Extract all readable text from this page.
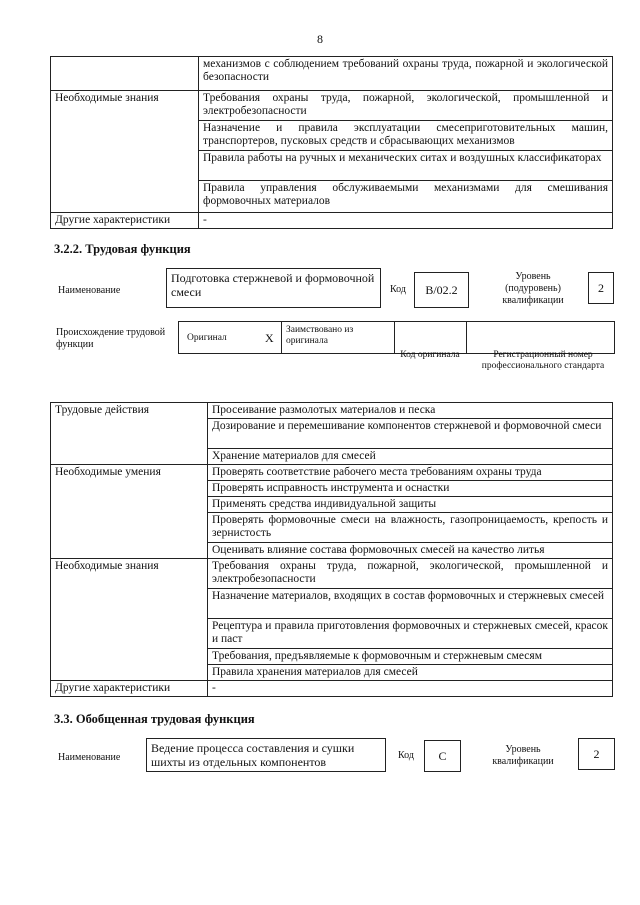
8
	механизмов с соблюдением требований охраны труда, пожарной и экологической безопасности
Необходимые знания	Требования охраны труда, пожарной, экологической, промышленной и электробезопасности
	Назначение и правила эксплуатации смесеприготовительных машин, транспортеров, пусковых средств и сбрасывающих механизмов
	Правила работы на ручных и механических ситах и воздушных классификаторах
	Правила управления обслуживаемыми механизмами для смешивания формовочных материалов
Другие характеристики	-
3.2.2. Трудовая функция
Наименование
Подготовка стержневой и формовочной смеси	Код	B/02.2
Уровень (подуровень) квалификации
2
Происхождение трудовой функции
Оригинал	X
Заимствовано из оригинала
Код оригинала	Регистрационный номер профессионального стандарта
Трудовые действия	Просеивание размолотых материалов и песка
	Дозирование и перемешивание компонентов стержневой и формовочной смеси
	Хранение материалов для смесей
Необходимые умения	Проверять соответствие рабочего места требованиям охраны труда
	Проверять исправность инструмента и оснастки
	Применять средства индивидуальной защиты
	Проверять формовочные смеси на влажность, газопроницаемость, крепость и зернистость
	Оценивать влияние состава формовочных смесей на качество литья
Необходимые знания	Требования охраны труда, пожарной, экологической, промышленной и электробезопасности
	Назначение материалов, входящих в состав формовочных и стержневых смесей
	Рецептура и правила приготовления формовочных и стержневых смесей, красок и паст
	Требования, предъявляемые к формовочным и стержневым смесям
	Правила хранения материалов для смесей
Другие характеристики	-
3.3. Обобщенная трудовая функция
Наименование
Ведение процесса составления и сушки шихты из отдельных компонентов	Код	C	Уровень квалификации
2
